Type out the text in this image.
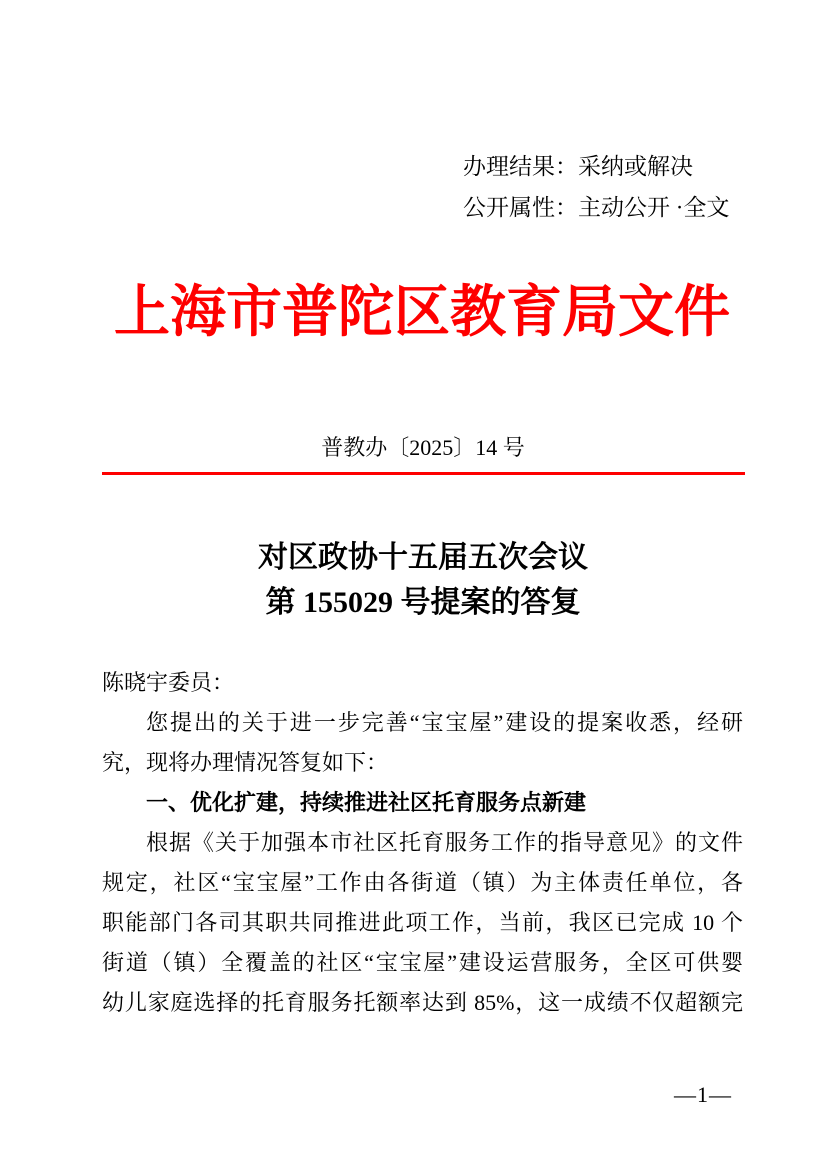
办理结果：采纳或解决
公开属性：主动公开 ·全文
上海市普陀区教育局文件
普教办〔2025〕14 号
对区政协十五届五次会议
第 155029 号提案的答复
陈晓宇委员：
您提出的关于进一步完善“宝宝屋”建设的提案收悉，经研
究，现将办理情况答复如下：
一、优化扩建，持续推进社区托育服务点新建
根据《关于加强本市社区托育服务工作的指导意见》的文件
规定，社区“宝宝屋”工作由各街道（镇）为主体责任单位，各
职能部门各司其职共同推进此项工作，当前，我区已完成 10 个
街道（镇）全覆盖的社区“宝宝屋”建设运营服务，全区可供婴
幼儿家庭选择的托育服务托额率达到 85%，这一成绩不仅超额完
—1—
